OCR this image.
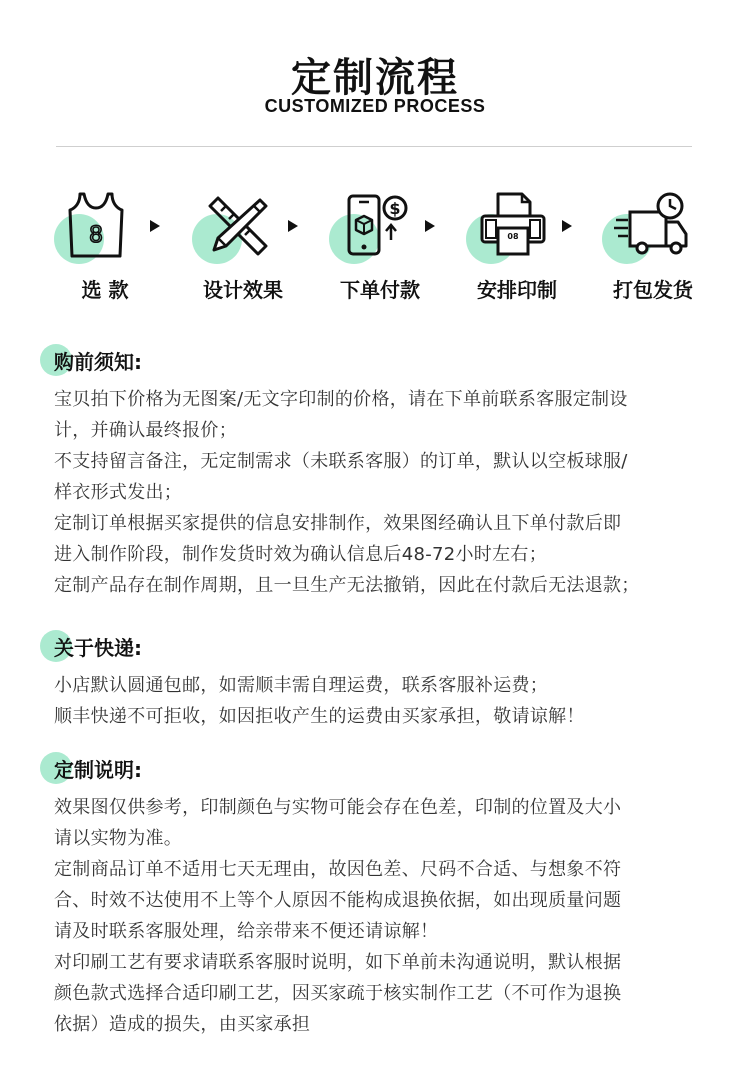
定制流程
CUSTOMIZED PROCESS
8
选 款	设计效果
$
下单付款
08
安排印制	打包发货
购前须知:

宝贝拍下价格为无图案/无文字印制的价格，请在下单前联系客服定制设
计，并确认最终报价；
不支持留言备注，无定制需求（未联系客服）的订单，默认以空板球服/
样衣形式发出；
定制订单根据买家提供的信息安排制作，效果图经确认且下单付款后即
进入制作阶段，制作发货时效为确认信息后48-72小时左右；
定制产品存在制作周期，且一旦生产无法撤销，因此在付款后无法退款；

关于快递:

小店默认圆通包邮，如需顺丰需自理运费，联系客服补运费；
顺丰快递不可拒收，如因拒收产生的运费由买家承担，敬请谅解！

定制说明:

效果图仅供参考，印制颜色与实物可能会存在色差，印制的位置及大小
请以实物为准。
定制商品订单不适用七天无理由，故因色差、尺码不合适、与想象不符
合、时效不达使用不上等个人原因不能构成退换依据，如出现质量问题
请及时联系客服处理，给亲带来不便还请谅解！
对印刷工艺有要求请联系客服时说明，如下单前未沟通说明，默认根据
颜色款式选择合适印刷工艺，因买家疏于核实制作工艺（不可作为退换
依据）造成的损失，由买家承担
